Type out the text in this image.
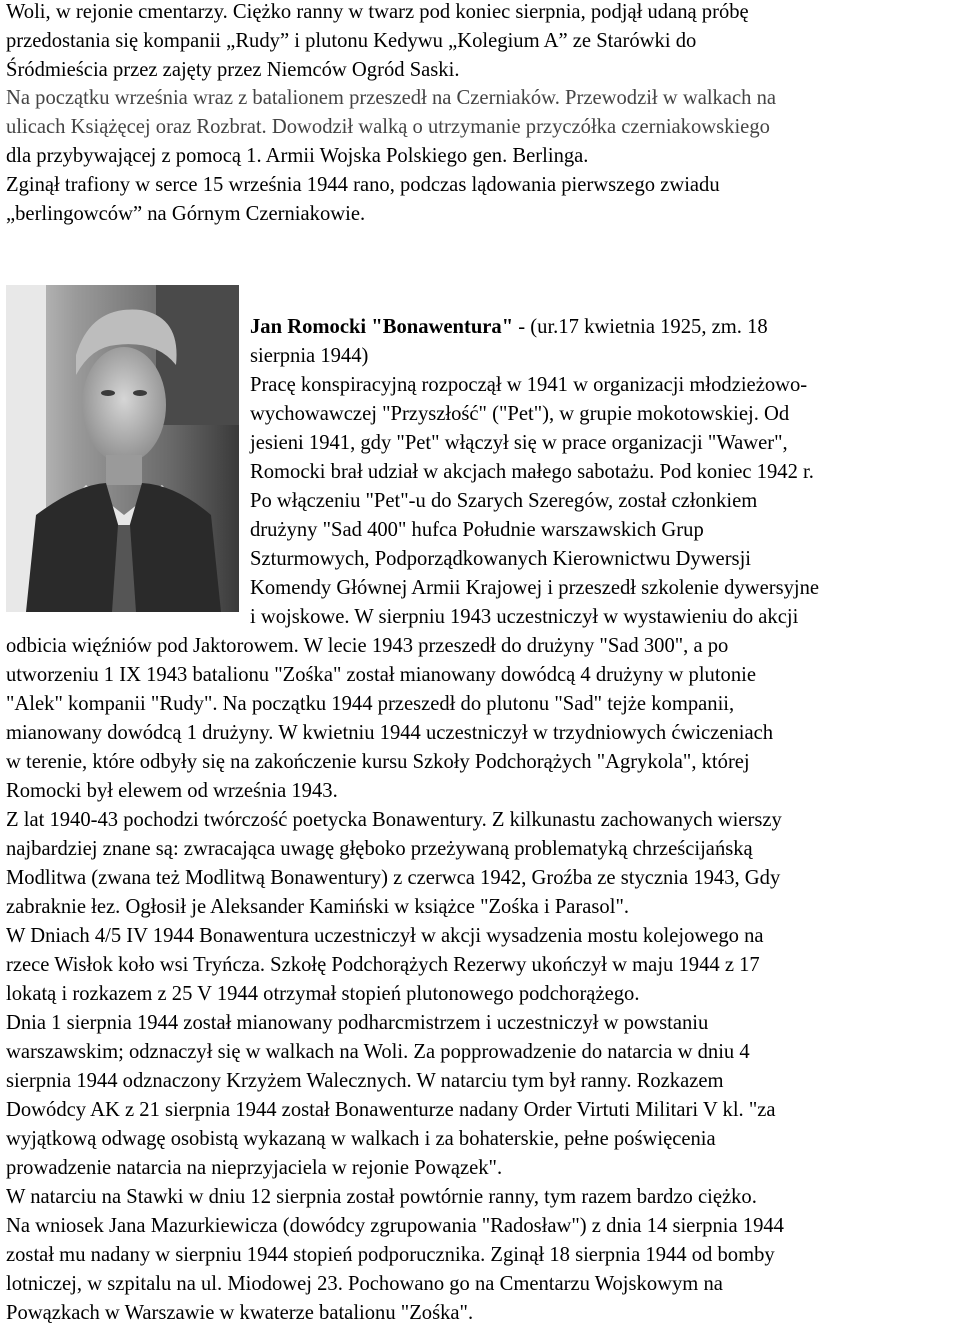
Woli, w rejonie cmentarzy. Ciężko ranny w twarz pod koniec sierpnia, podjął udaną próbę

przedostania się kompanii „Rudy” i plutonu Kedywu „Kolegium A” ze Starówki do

Śródmieścia przez zajęty przez Niemców Ogród Saski.

Na początku września wraz z batalionem przeszedł na Czerniaków. Przewodził w walkach na

ulicach Książęcej oraz Rozbrat. Dowodził walką o utrzymanie przyczółka czerniakowskiego

dla przybywającej z pomocą 1. Armii Wojska Polskiego gen. Berlinga.

Zginął trafiony w serce 15 września 1944 rano, podczas lądowania pierwszego zwiadu

„berlingowców” na Górnym Czerniakowie.

Jan Romocki "Bonawentura" - (ur.17 kwietnia 1925, zm. 18

sierpnia 1944)

Pracę konspiracyjną rozpoczął w 1941 w organizacji młodzieżowo-

wychowawczej "Przyszłość" ("Pet"), w grupie mokotowskiej. Od

jesieni 1941, gdy "Pet" włączył się w prace organizacji "Wawer",

Romocki brał udział w akcjach małego sabotażu. Pod koniec 1942 r.

Po włączeniu "Pet"-u do Szarych Szeregów, został członkiem

drużyny "Sad 400" hufca Południe warszawskich Grup

Szturmowych, Podporządkowanych Kierownictwu Dywersji

Komendy Głównej Armii Krajowej i przeszedł szkolenie dywersyjne

i wojskowe. W sierpniu 1943 uczestniczył w wystawieniu do akcji

odbicia więźniów pod Jaktorowem. W lecie 1943 przeszedł do drużyny "Sad 300", a po

utworzeniu 1 IX 1943 batalionu "Zośka" został mianowany dowódcą 4 drużyny w plutonie

"Alek" kompanii "Rudy". Na początku 1944 przeszedł do plutonu "Sad" tejże kompanii,

mianowany dowódcą 1 drużyny. W kwietniu 1944 uczestniczył w trzydniowych ćwiczeniach

w terenie, które odbyły się na zakończenie kursu Szkoły Podchorążych "Agrykola", której

Romocki był elewem od września 1943.

Z lat 1940-43 pochodzi twórczość poetycka Bonawentury. Z kilkunastu zachowanych wierszy

najbardziej znane są: zwracająca uwagę głęboko przeżywaną problematyką chrześcijańską

Modlitwa (zwana też Modlitwą Bonawentury) z czerwca 1942, Groźba ze stycznia 1943, Gdy

zabraknie łez. Ogłosił je Aleksander Kamiński w książce "Zośka i Parasol".

W Dniach 4/5 IV 1944 Bonawentura uczestniczył w akcji wysadzenia mostu kolejowego na

rzece Wisłok koło wsi Tryńcza. Szkołę Podchorążych Rezerwy ukończył w maju 1944 z 17

lokatą i rozkazem z 25 V 1944 otrzymał stopień plutonowego podchorążego.

Dnia 1 sierpnia 1944 został mianowany podharcmistrzem i uczestniczył w powstaniu

warszawskim; odznaczył się w walkach na Woli. Za popprowadzenie do natarcia w dniu 4

sierpnia 1944 odznaczony Krzyżem Walecznych. W natarciu tym był ranny. Rozkazem

Dowódcy AK z 21 sierpnia 1944 został Bonawenturze nadany Order Virtuti Militari V kl. "za

wyjątkową odwagę osobistą wykazaną w walkach i za bohaterskie, pełne poświęcenia

prowadzenie natarcia na nieprzyjaciela w rejonie Powązek".

W natarciu na Stawki w dniu 12 sierpnia został powtórnie ranny, tym razem bardzo ciężko.

Na wniosek Jana Mazurkiewicza (dowódcy zgrupowania "Radosław") z dnia 14 sierpnia 1944

został mu nadany w sierpniu 1944 stopień podporucznika. Zginął 18 sierpnia 1944 od bomby

lotniczej, w szpitalu na ul. Miodowej 23. Pochowano go na Cmentarzu Wojskowym na

Powązkach w Warszawie w kwaterze batalionu "Zośka".
